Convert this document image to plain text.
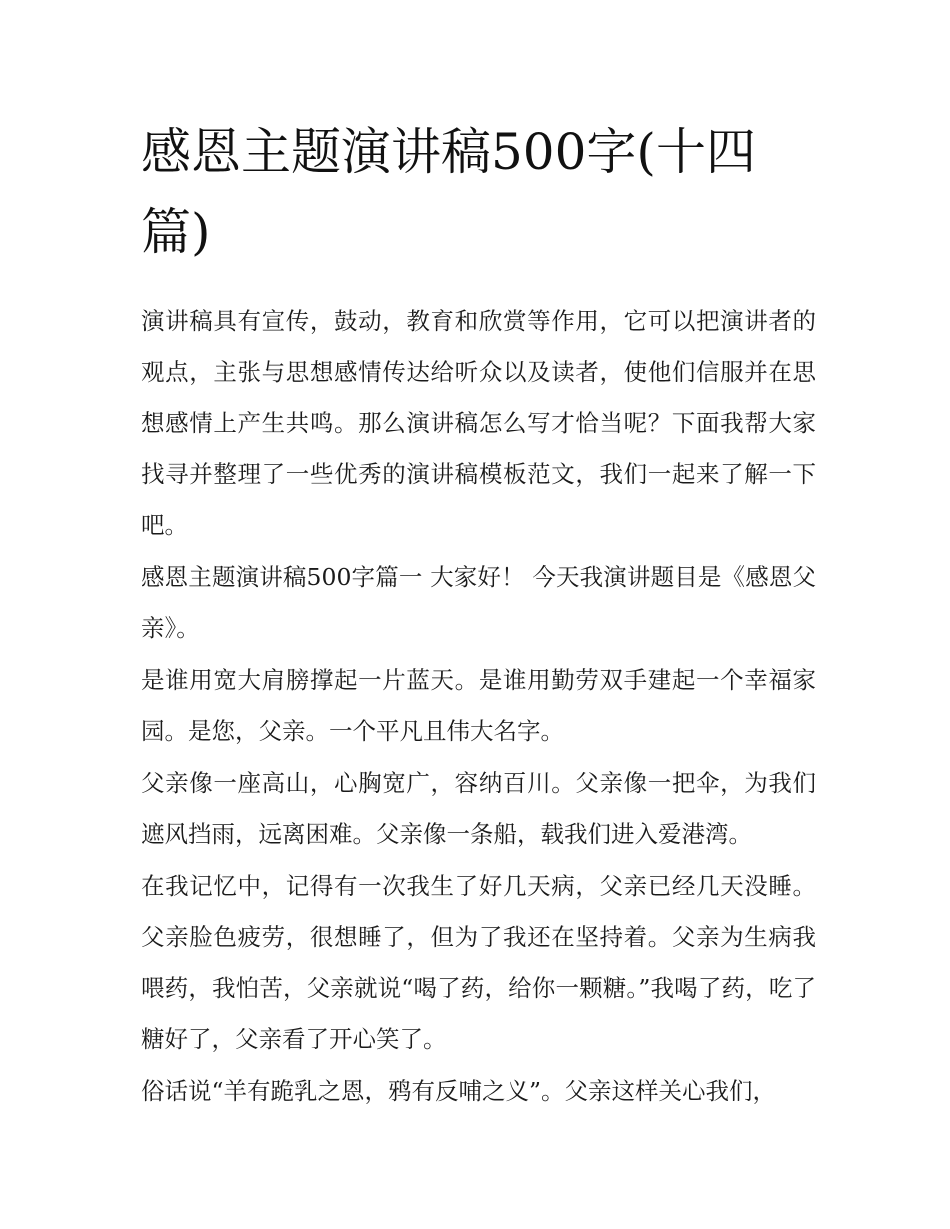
感恩主题演讲稿500字(十四篇)

演讲稿具有宣传，鼓动，教育和欣赏等作用，它可以把演讲者的观点，主张与思想感情传达给听众以及读者，使他们信服并在思想感情上产生共鸣。那么演讲稿怎么写才恰当呢？下面我帮大家找寻并整理了一些优秀的演讲稿模板范文，我们一起来了解一下吧。

感恩主题演讲稿500字篇一 大家好！ 今天我演讲题目是《感恩父亲》。

是谁用宽大肩膀撑起一片蓝天。是谁用勤劳双手建起一个幸福家园。是您，父亲。一个平凡且伟大名字。

父亲像一座高山，心胸宽广，容纳百川。父亲像一把伞，为我们遮风挡雨，远离困难。父亲像一条船，载我们进入爱港湾。

在我记忆中，记得有一次我生了好几天病，父亲已经几天没睡。父亲脸色疲劳，很想睡了，但为了我还在坚持着。父亲为生病我喂药，我怕苦，父亲就说“喝了药，给你一颗糖。”我喝了药，吃了糖好了，父亲看了开心笑了。

俗话说“羊有跪乳之恩，鸦有反哺之义”。父亲这样关心我们，
